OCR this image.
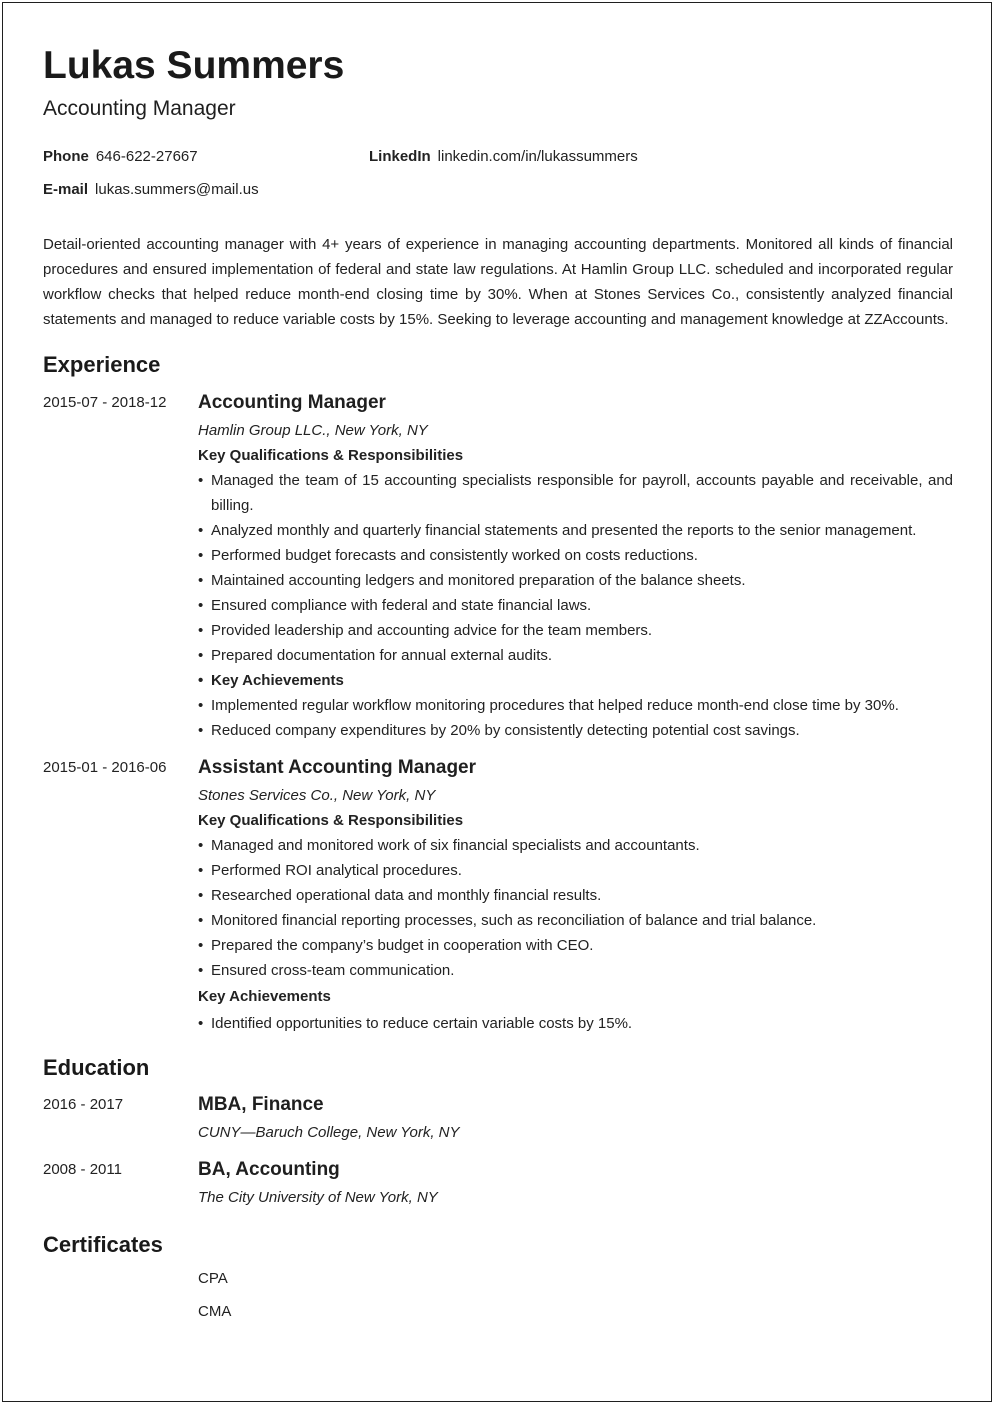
Lukas Summers
Accounting Manager
Phone 646-622-27667	LinkedIn linkedin.com/in/lukassummers
E-mail lukas.summers@mail.us
Detail-oriented accounting manager with 4+ years of experience in managing accounting departments. Monitored all kinds of financial procedures and ensured implementation of federal and state law regulations. At Hamlin Group LLC. scheduled and incorporated regular workflow checks that helped reduce month-end closing time by 30%. When at Stones Services Co., consistently analyzed financial statements and managed to reduce variable costs by 15%. Seeking to leverage accounting and management knowledge at ZZAccounts.
Experience
2015-07 - 2018-12 Accounting Manager
Hamlin Group LLC., New York, NY
Key Qualifications & Responsibilities
• Managed the team of 15 accounting specialists responsible for payroll, accounts payable and receivable, and billing.
• Analyzed monthly and quarterly financial statements and presented the reports to the senior management.
• Performed budget forecasts and consistently worked on costs reductions.
• Maintained accounting ledgers and monitored preparation of the balance sheets.
• Ensured compliance with federal and state financial laws.
• Provided leadership and accounting advice for the team members.
• Prepared documentation for annual external audits.
• Key Achievements
• Implemented regular workflow monitoring procedures that helped reduce month-end close time by 30%.
• Reduced company expenditures by 20% by consistently detecting potential cost savings.
2015-01 - 2016-06 Assistant Accounting Manager
Stones Services Co., New York, NY
Key Qualifications & Responsibilities
• Managed and monitored work of six financial specialists and accountants.
• Performed ROI analytical procedures.
• Researched operational data and monthly financial results.
• Monitored financial reporting processes, such as reconciliation of balance and trial balance.
• Prepared the company’s budget in cooperation with CEO.
• Ensured cross-team communication.
Key Achievements
• Identified opportunities to reduce certain variable costs by 15%.
Education
2016 - 2017	MBA, Finance
CUNY—Baruch College, New York, NY
2008 - 2011	BA, Accounting
The City University of New York, NY
Certificates
CPA
CMA
